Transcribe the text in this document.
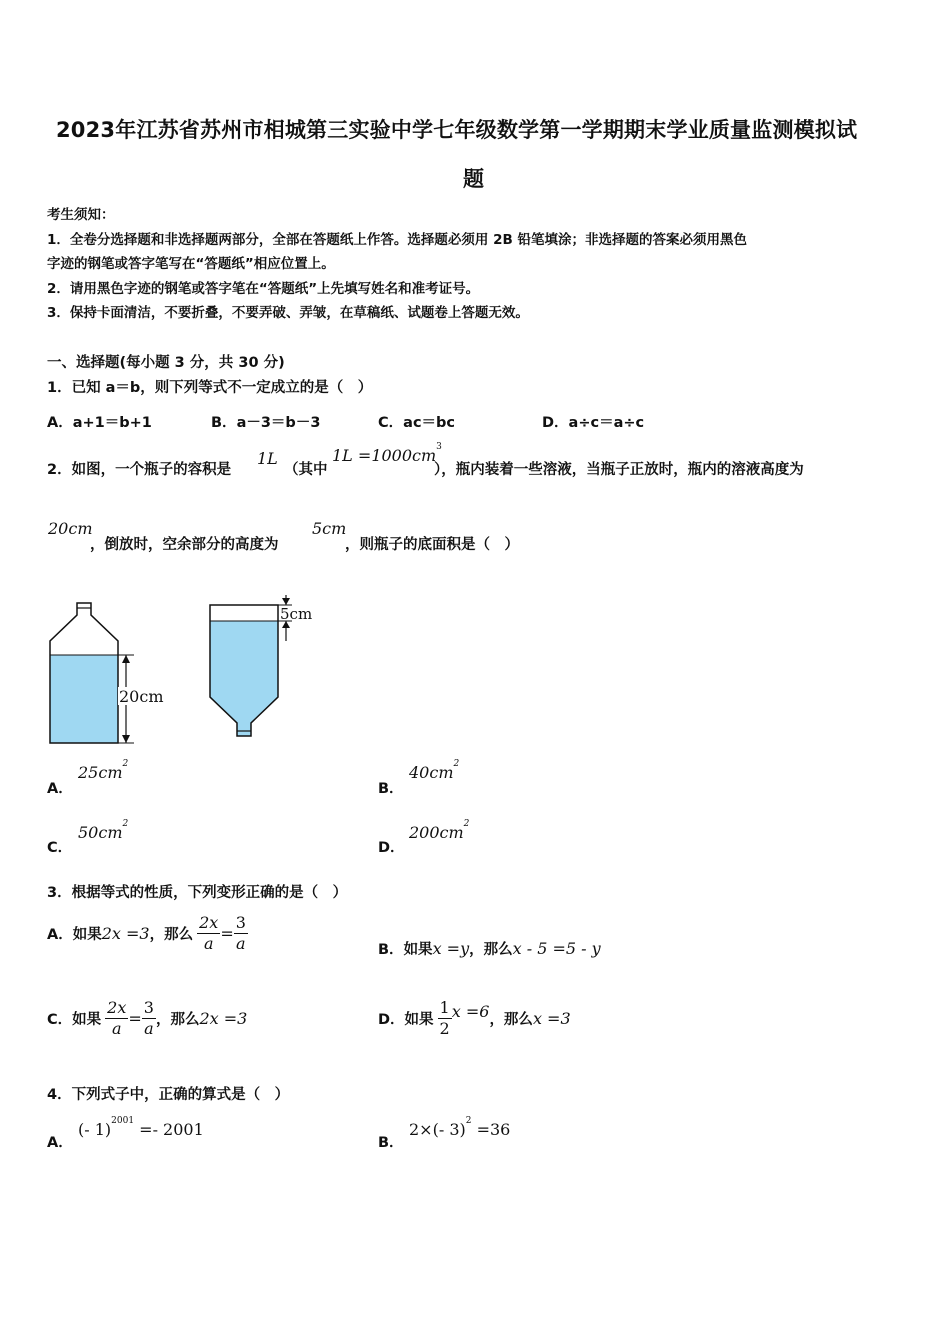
2023年江苏省苏州市相城第三实验中学七年级数学第一学期期末学业质量监测模拟试
题
考生须知：
1．全卷分选择题和非选择题两部分，全部在答题纸上作答。选择题必须用 2B 铅笔填涂；非选择题的答案必须用黑色
字迹的钢笔或答字笔写在“答题纸”相应位置上。
2．请用黑色字迹的钢笔或答字笔在“答题纸”上先填写姓名和准考证号。
3．保持卡面清洁，不要折叠，不要弄破、弄皱，在草稿纸、试题卷上答题无效。
一、选择题(每小题 3 分，共 30 分)
1．已知 a＝b，则下列等式不一定成立的是（　）
A．a+1＝b+1	B．a－3＝b－3	C．ac＝bc	D．a÷c＝a÷c
2．如图，一个瓶子的容积是
1L
（其中
$1L =1000cm^3$
），瓶内装着一些溶液，当瓶子正放时，瓶内的溶液高度为
20cm
，倒放时，空余部分的高度为
5cm
，则瓶子的底面积是（　）
20cm
5cm
A．
$25cm^2$
B．
$40cm^2$
C．
$50cm^2$
D．
$200cm^2$
3．根据等式的性质，下列变形正确的是（　）
A． 如果 2x =3 ，那么 $\frac{2x}{a} = \frac{3}{a}$	B． 如果 x =y ，那么 x - 5 =5 - y
C． 如果 $\frac{2x}{a} = \frac{3}{a}$ ，那么 2x =3	D． 如果 $\frac{1}{2}$ x =6 ，那么 x =3
4．下列式子中，正确的算式是（　）
A．
(- 1)$^{2001}$ =- 2001
B．
2×(- 3)$^2$ =36
